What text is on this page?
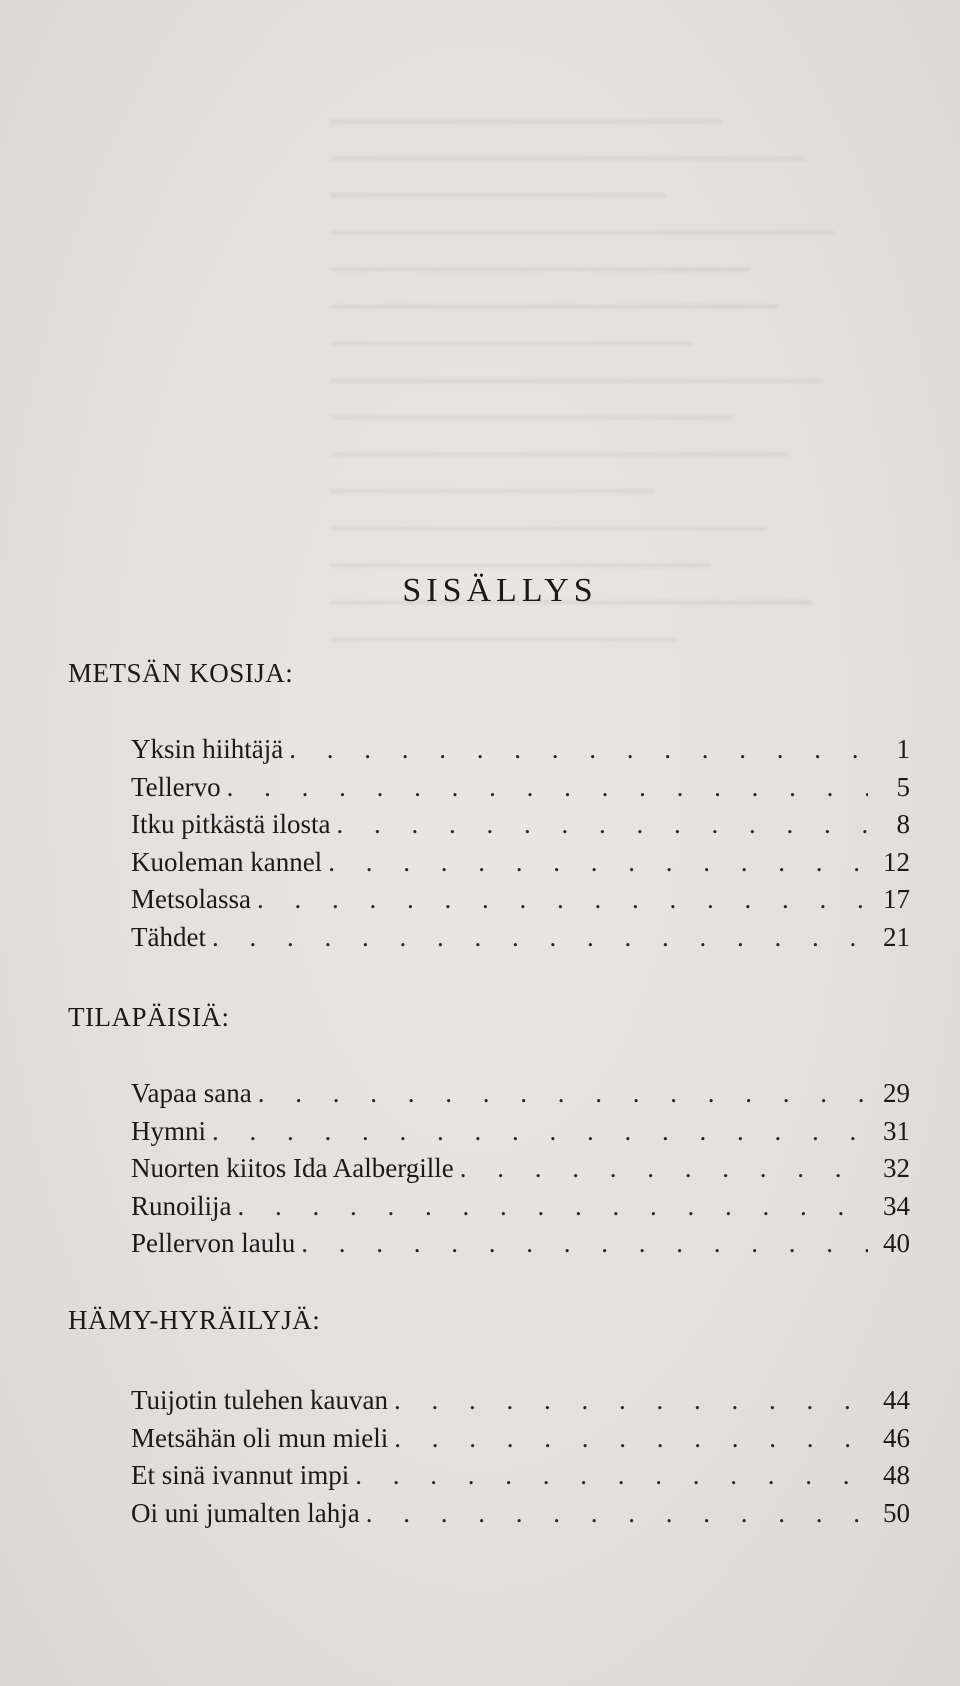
SISÄLLYS
METSÄN KOSIJA:
Yksin hiihtäjä . . .	1
Tellervo . . .	5
Itku pitkästä ilosta . . .	8
Kuoleman kannel . . .	12
Metsolassa . . .	17
Tähdet . . .	21
TILAPÄISIÄ:
Vapaa sana . . .	29
Hymni . . .	31
Nuorten kiitos Ida Aalbergille . . .	32
Runoilija . . .	34
Pellervon laulu . . .	40
HÄMY-HYRÄILYJÄ:
Tuijotin tulehen kauvan . . .	44
Metsähän oli mun mieli . . .	46
Et sinä ivannut impi . . .	48
Oi uni jumalten lahja . . .	50
